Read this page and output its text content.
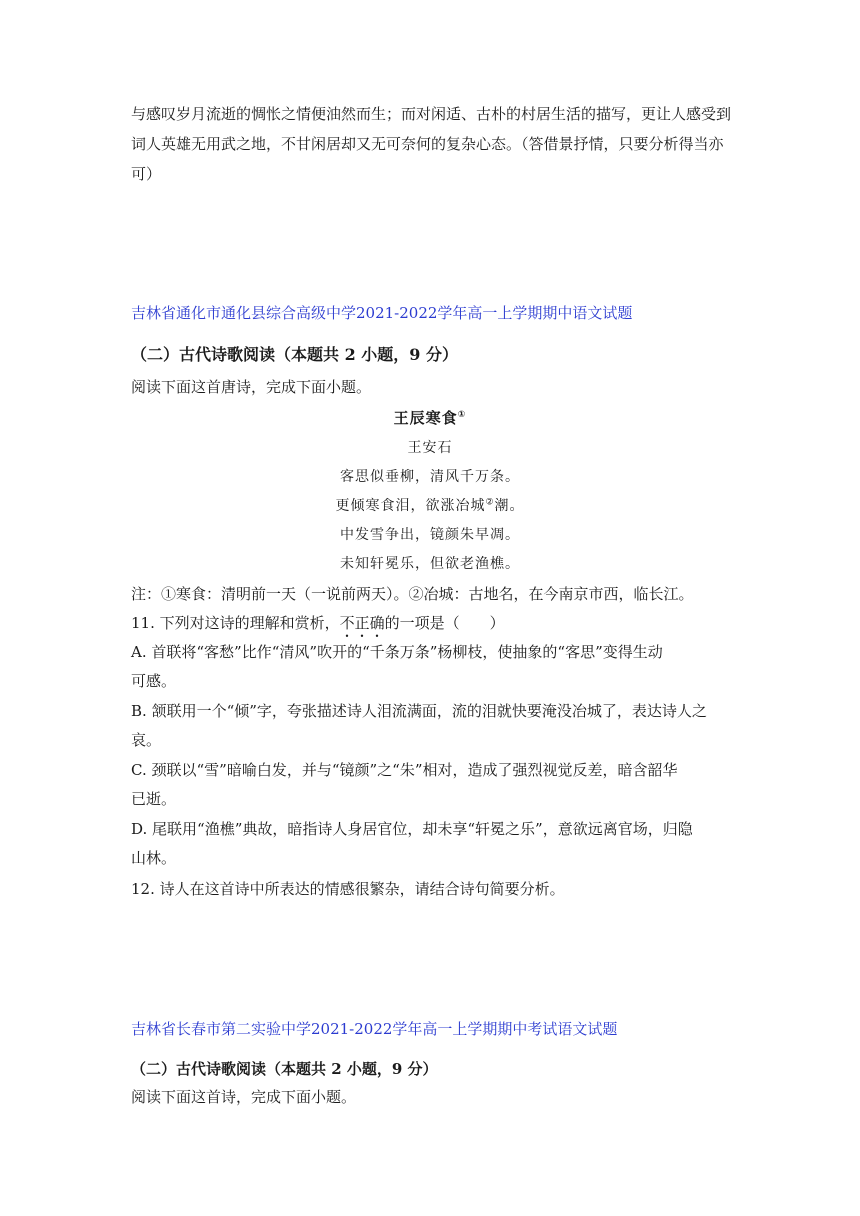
与感叹岁月流逝的惆怅之情便油然而生；而对闲适、古朴的村居生活的描写，更让人感受到词人英雄无用武之地，不甘闲居却又无可奈何的复杂心态。（答借景抒情，只要分析得当亦可）
吉林省通化市通化县综合高级中学2021-2022学年高一上学期期中语文试题
（二）古代诗歌阅读（本题共 2 小题，9 分）
阅读下面这首唐诗，完成下面小题。
王辰寒食①
王安石
客思似垂柳，清风千万条。
更倾寒食泪，欲涨冶城②潮。
中发雪争出，镜颜朱早凋。
未知轩冕乐，但欲老渔樵。
注：①寒食：清明前一天（一说前两天）。②冶城：古地名，在今南京市西，临长江。
11. 下列对这诗的理解和赏析，不正确的一项是（　　）
A. 首联将“客愁”比作“清风”吹开的“千条万条”杨柳枝，使抽象的“客思”变得生动
可感。
B. 颔联用一个“倾”字，夸张描述诗人泪流满面，流的泪就快要淹没冶城了，表达诗人之
哀。
C. 颈联以“雪”暗喻白发，并与“镜颜”之“朱”相对，造成了强烈视觉反差，暗含韶华
已逝。
D. 尾联用“渔樵”典故，暗指诗人身居官位，却未享“轩冕之乐”，意欲远离官场，归隐
山林。
12. 诗人在这首诗中所表达的情感很繁杂，请结合诗句简要分析。
吉林省长春市第二实验中学2021-2022学年高一上学期期中考试语文试题
（二）古代诗歌阅读（本题共 2 小题，9 分）
阅读下面这首诗，完成下面小题。
